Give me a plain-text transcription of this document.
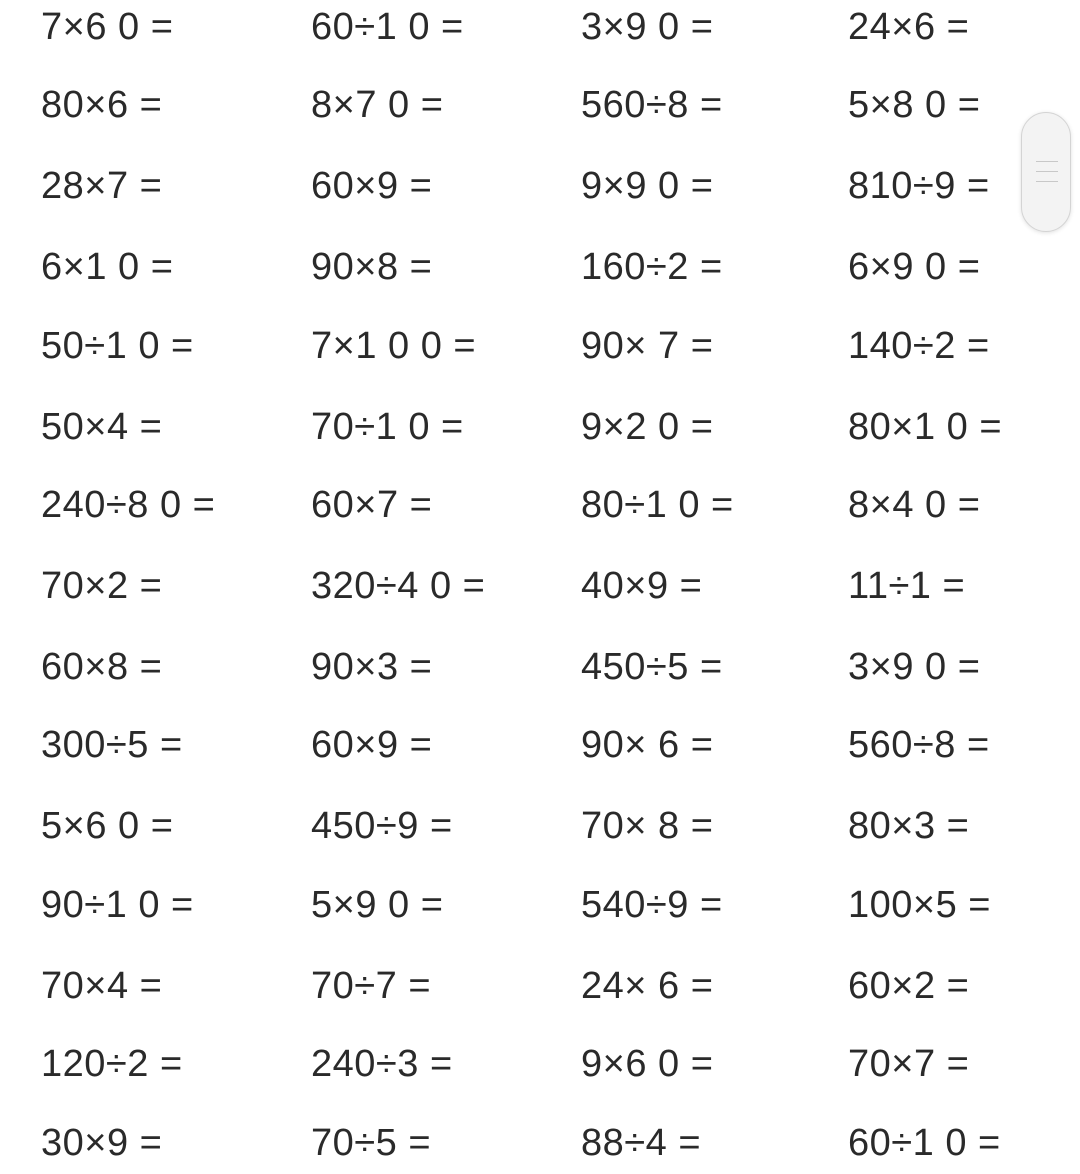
7×6 0 =	60÷1 0 =	3×9 0 =	24×6 =
80×6 =	8×7 0 =	560÷8 =	5×8 0 =
28×7 =	60×9 =	9×9 0 =	810÷9 =
6×1 0 =	90×8 =	160÷2 =	6×9 0 =
50÷1 0 =	7×1 0 0 =	90× 7 =	140÷2 =
50×4 =	70÷1 0 =	9×2 0 =	80×1 0 =
240÷8 0 =	60×7 =	80÷1 0 =	8×4 0 =
70×2 =	320÷4 0 =	40×9 =	11÷1 =
60×8 =	90×3 =	450÷5 =	3×9 0 =
300÷5 =	60×9 =	90× 6 =	560÷8 =
5×6 0 =	450÷9 =	70× 8 =	80×3 =
90÷1 0 =	5×9 0 =	540÷9 =	100×5 =
70×4 =	70÷7 =	24× 6 =	60×2 =
120÷2 =	240÷3 =	9×6 0 =	70×7 =
30×9 =	70÷5 =	88÷4 =	60÷1 0 =
